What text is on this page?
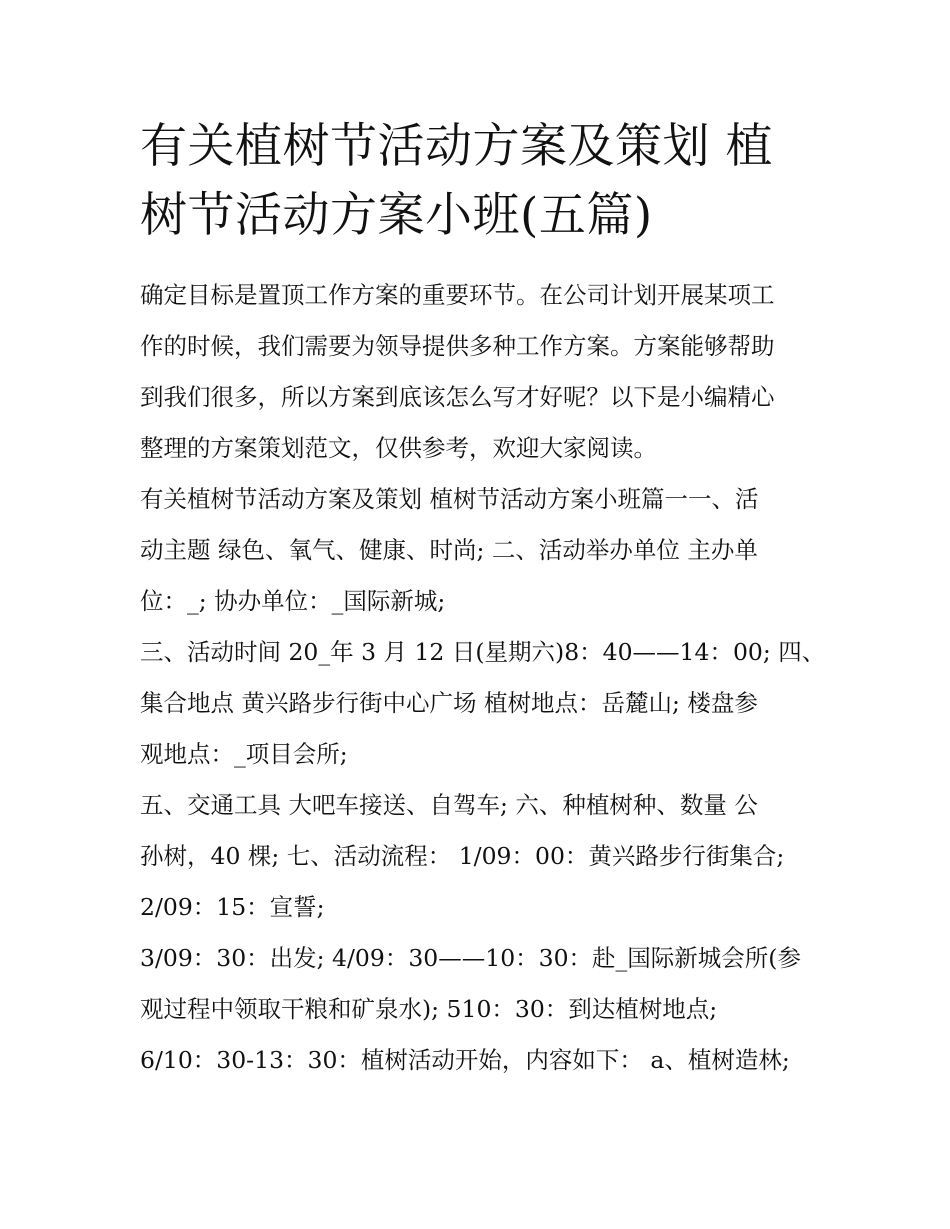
有关植树节活动方案及策划 植
树节活动方案小班(五篇)

确定目标是置顶工作方案的重要环节。在公司计划开展某项工
作的时候，我们需要为领导提供多种工作方案。方案能够帮助
到我们很多，所以方案到底该怎么写才好呢？以下是小编精心
整理的方案策划范文，仅供参考，欢迎大家阅读。

有关植树节活动方案及策划 植树节活动方案小班篇一一、活
动主题 绿色、氧气、健康、时尚; 二、活动举办单位 主办单
位：_; 协办单位：_国际新城;

三、活动时间 20_年 3 月 12 日(星期六)8：40——14：00; 四、
集合地点 黄兴路步行街中心广场 植树地点：岳麓山; 楼盘参
观地点：_项目会所;

五、交通工具 大吧车接送、自驾车; 六、种植树种、数量 公
孙树，40 棵; 七、活动流程： 1/09：00：黄兴路步行街集合;
2/09：15：宣誓;

3/09：30：出发; 4/09：30——10：30：赴_国际新城会所(参
观过程中领取干粮和矿泉水); 510：30：到达植树地点;

6/10：30-13：30：植树活动开始，内容如下： a、植树造林;
